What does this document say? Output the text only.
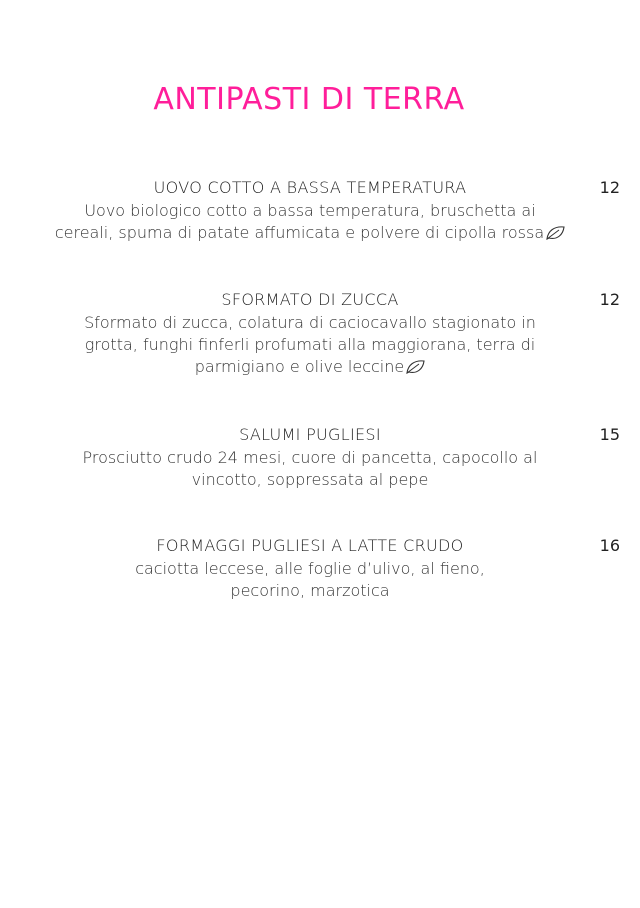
ANTIPASTI DI TERRA
UOVO COTTO A BASSA TEMPERATURA	12
Uovo biologico cotto a bassa temperatura, bruschetta ai
cereali, spuma di patate affumicata e polvere di cipolla rossa
SFORMATO DI ZUCCA	12
Sformato di zucca, colatura di caciocavallo stagionato in
grotta, funghi finferli profumati alla maggiorana, terra di
parmigiano e olive leccine
SALUMI PUGLIESI	15
Prosciutto crudo 24 mesi, cuore di pancetta, capocollo al
vincotto, soppressata al pepe
FORMAGGI PUGLIESI A LATTE CRUDO	16
caciotta leccese, alle foglie d’ulivo, al fieno,
pecorino, marzotica
